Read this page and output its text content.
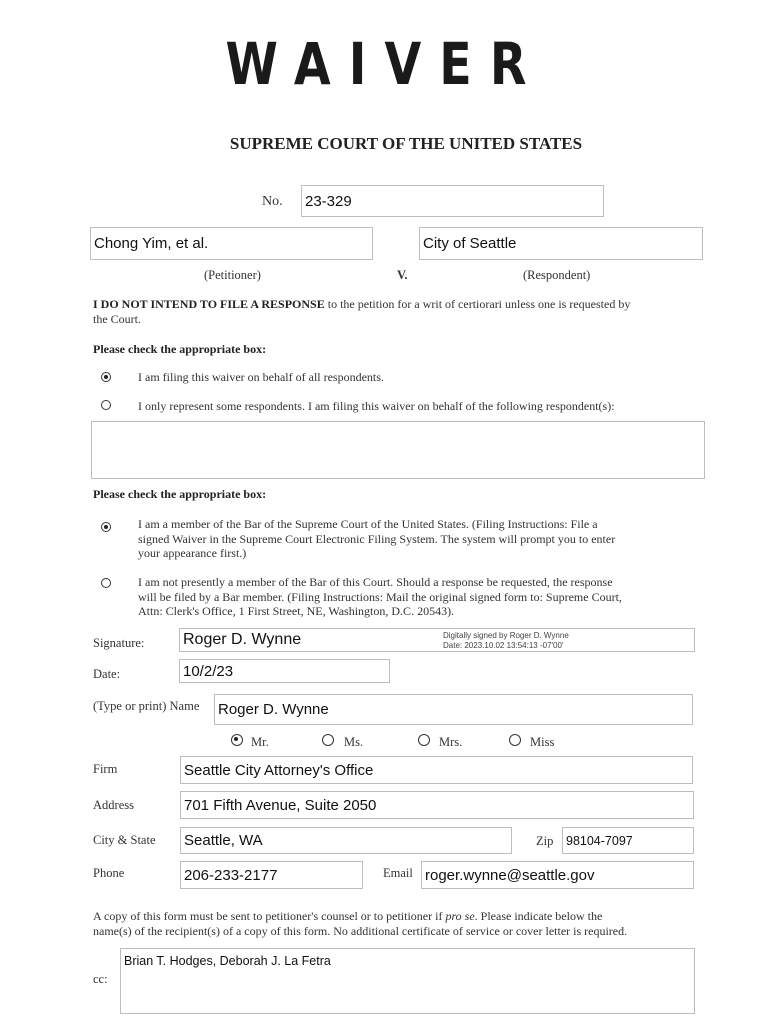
WAIVER
SUPREME COURT OF THE UNITED STATES
No. 23-329
Chong Yim, et al.	City of Seattle
(Petitioner)	V.	(Respondent)
I DO NOT INTEND TO FILE A RESPONSE to the petition for a writ of certiorari unless one is requested by
the Court.
Please check the appropriate box:
I am filing this waiver on behalf of all respondents.
I only represent some respondents. I am filing this waiver on behalf of the following respondent(s):
Please check the appropriate box:
I am a member of the Bar of the Supreme Court of the United States. (Filing Instructions: File a
signed Waiver in the Supreme Court Electronic Filing System. The system will prompt you to enter
your appearance first.)
I am not presently a member of the Bar of this Court. Should a response be requested, the response
will be filed by a Bar member. (Filing Instructions: Mail the original signed form to: Supreme Court,
Attn: Clerk's Office, 1 First Street, NE, Washington, D.C. 20543).
Signature: Roger D. Wynne	Digitally signed by Roger D. Wynne
Date: 2023.10.02 13:54:13 -07'00'
Date:	10/2/23
(Type or print) Name Roger D. Wynne
Mr.	Ms.	Mrs.	Miss
Firm	Seattle City Attorney's Office
Address	701 Fifth Avenue, Suite 2050
City & State Seattle, WA	Zip	98104-7097
Phone	206-233-2177	Email roger.wynne@seattle.gov
A copy of this form must be sent to petitioner's counsel or to petitioner if pro se. Please indicate below the
name(s) of the recipient(s) of a copy of this form. No additional certificate of service or cover letter is required.
cc:
Brian T. Hodges, Deborah J. La Fetra
